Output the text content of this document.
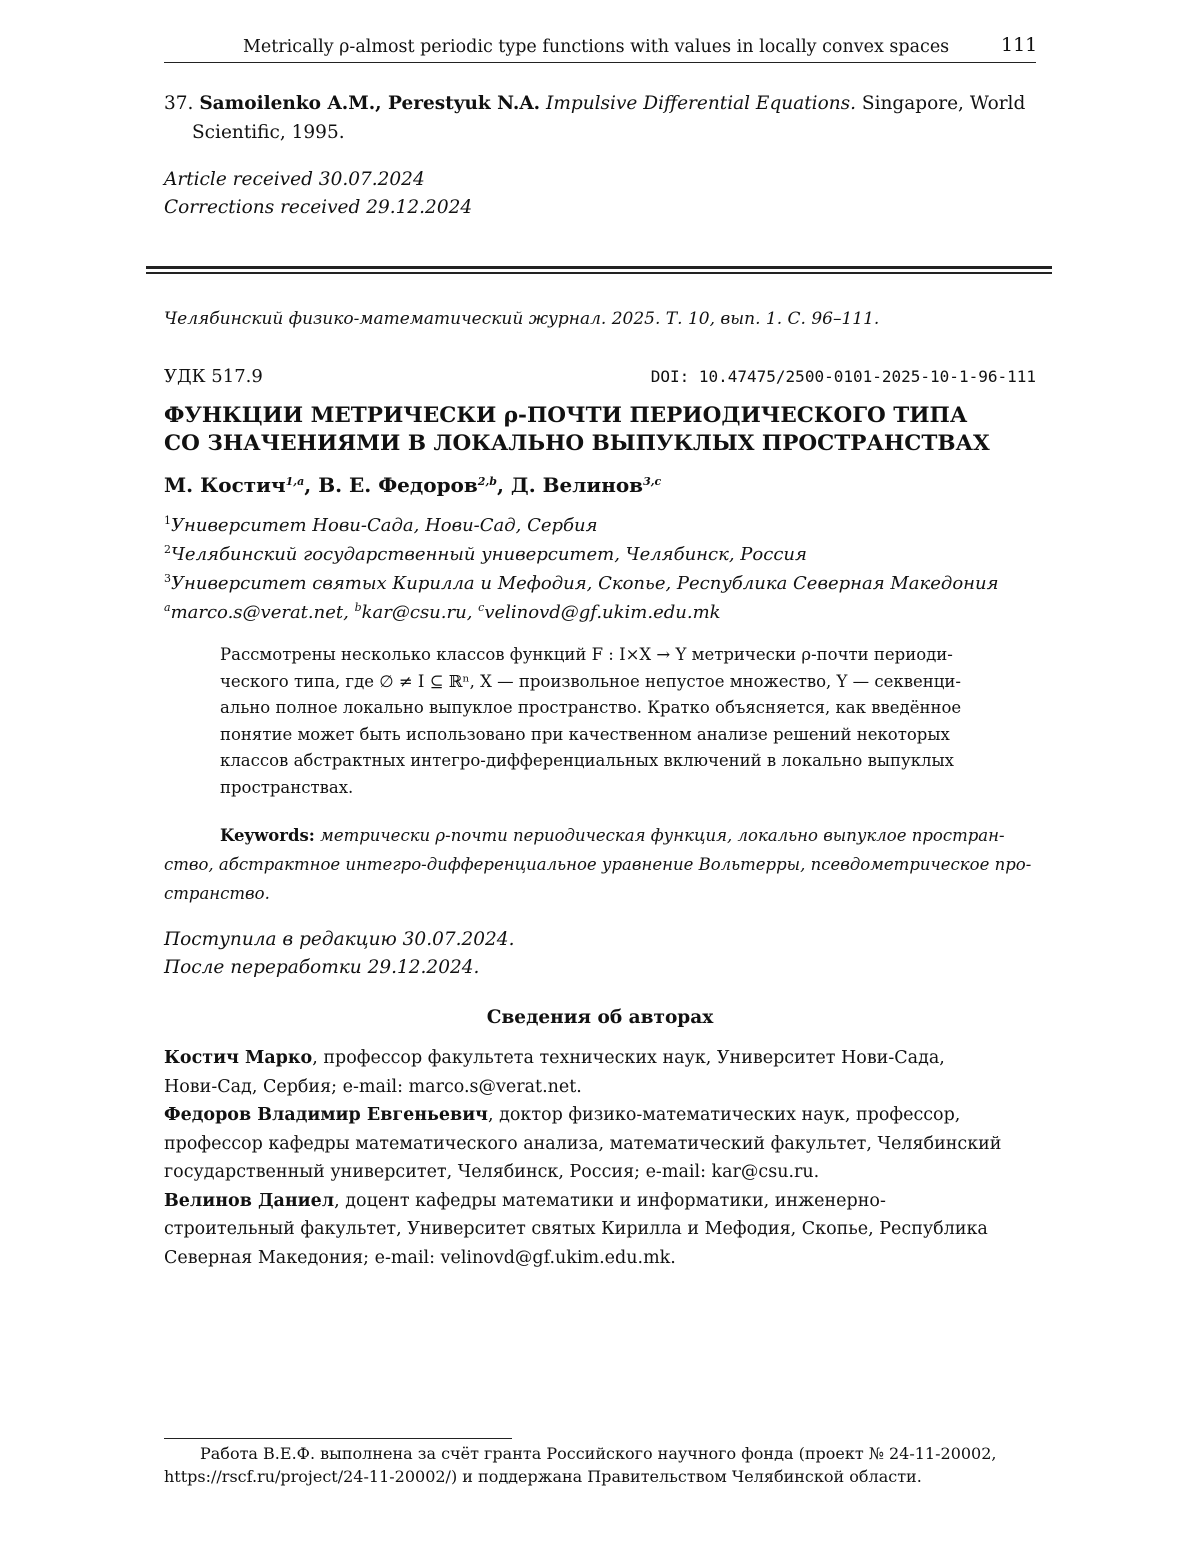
Metrically ρ-almost periodic type functions with values in locally convex spaces	111
37. Samoilenko A.M., Perestyuk N.A. Impulsive Differential Equations. Singapore, World
Scientific, 1995.
Article received 30.07.2024
Corrections received 29.12.2024
Челябинский физико-математический журнал. 2025. Т. 10, вып. 1. С. 96–111.
УДК 517.9	DOI: 10.47475/2500-0101-2025-10-1-96-111
ФУНКЦИИ МЕТРИЧЕСКИ ρ-ПОЧТИ ПЕРИОДИЧЕСКОГО ТИПА
СО ЗНАЧЕНИЯМИ В ЛОКАЛЬНО ВЫПУКЛЫХ ПРОСТРАНСТВАХ
М. Костич$^{1,a}$, В. Е. Федоров$^{2,b}$, Д. Велинов$^{3,c}$
$^1$Университет Нови-Сада, Нови-Сад, Сербия
$^2$Челябинский государственный университет, Челябинск, Россия
$^3$Университет святых Кирилла и Мефодия, Скопье, Республика Северная Македония
$^a$marco.s@verat.net, $^b$kar@csu.ru, $^c$velinovd@gf.ukim.edu.mk
Рассмотрены несколько классов функций F : I×X → Y метрически ρ-почти периоди-
ческого типа, где ∅ ≠ I ⊆ ℝⁿ, X — произвольное непустое множество, Y — секвенци-
ально полное локально выпуклое пространство. Кратко объясняется, как введённое
понятие может быть использовано при качественном анализе решений некоторых
классов абстрактных интегро-дифференциальных включений в локально выпуклых
пространствах.
Keywords: метрически ρ-почти периодическая функция, локально выпуклое простран-
ство, абстрактное интегро-дифференциальное уравнение Вольтерры, псевдометрическое про-
странство.
Поступила в редакцию 30.07.2024.
После переработки 29.12.2024.
Сведения об авторах
Костич Марко, профессор факультета технических наук, Университет Нови-Сада,
Нови-Сад, Сербия; e-mail: marco.s@verat.net.
Федоров Владимир Евгеньевич, доктор физико-математических наук, профессор,
профессор кафедры математического анализа, математический факультет, Челябинский
государственный университет, Челябинск, Россия; e-mail: kar@csu.ru.
Велинов Даниел, доцент кафедры математики и информатики, инженерно-
строительный факультет, Университет святых Кирилла и Мефодия, Скопье, Республика
Северная Македония; e-mail: velinovd@gf.ukim.edu.mk.
Работа В.Е.Ф. выполнена за счёт гранта Российского научного фонда (проект № 24-11-20002,
https://rscf.ru/project/24-11-20002/) и поддержана Правительством Челябинской области.
